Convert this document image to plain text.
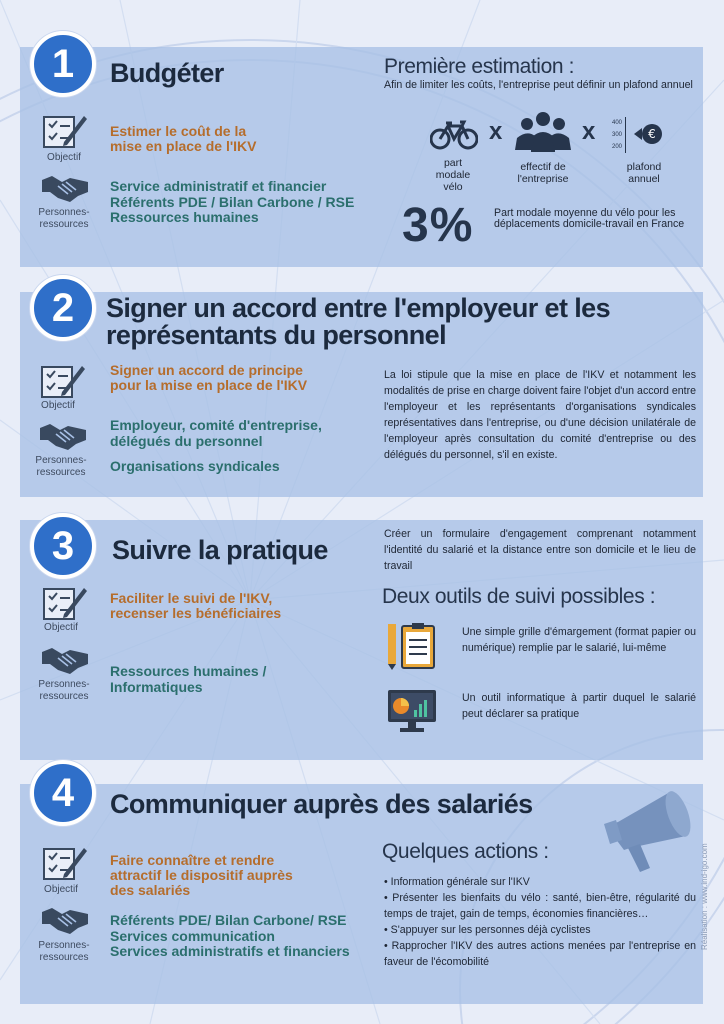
1	Budgéter
Objectif
Personnes-
ressources
Estimer le coût de la
mise en place de l'IKV
Service administratif et financier
Référents PDE / Bilan Carbone / RSE
Ressources humaines
Première estimation :
Afin de limiter les coûts, l'entreprise peut définir un plafond annuel
x	x	400
300
200
€
part
modale
vélo
effectif de
l'entreprise
plafond
annuel
3% Part modale moyenne du vélo pour les déplacements domicile-travail en France
2	Signer un accord entre l'employeur et les
représentants du personnel
Objectif
Personnes-
ressources
Signer un accord de principe
pour la mise en place de l'IKV
Employeur, comité d'entreprise,
délégués du personnel
Organisations syndicales
La loi stipule que la mise en place de l'IKV et notamment les modalités de prise en charge doivent faire l'objet d'un accord entre l'employeur et les représentants d'organisations syndicales représentatives dans l'entreprise, ou d'une décision unilatérale de l'employeur après consultation du comité d'entreprise ou des délégués du personnel, s'il en existe.
3	Suivre la pratique
Objectif
Personnes-
ressources
Faciliter le suivi de l'IKV,
recenser les bénéficiaires
Ressources humaines /
Informatiques
Créer un formulaire d'engagement comprenant notamment l'identité du salarié et la distance entre son domicile et le lieu de travail
Deux outils de suivi possibles :
Une simple grille d'émargement (format papier ou numérique) remplie par le salarié, lui-même
Un outil informatique à partir duquel le salarié peut déclarer sa pratique
4	Communiquer auprès des salariés
Objectif
Personnes-
ressources
Faire connaître et rendre
attractif le dispositif auprès
des salariés
Référents PDE/ Bilan Carbone/ RSE
Services communication
Services administratifs et financiers
Quelques actions :
• Information générale sur l'IKV
• Présenter les bienfaits du vélo : santé, bien-être, régularité du temps de trajet, gain de temps, économies financières…
• S'appuyer sur les personnes déjà cyclistes
• Rapprocher l'IKV des autres actions menées par l'entreprise en faveur de l'écomobilité
Réalisation : www.ind-igo.com
